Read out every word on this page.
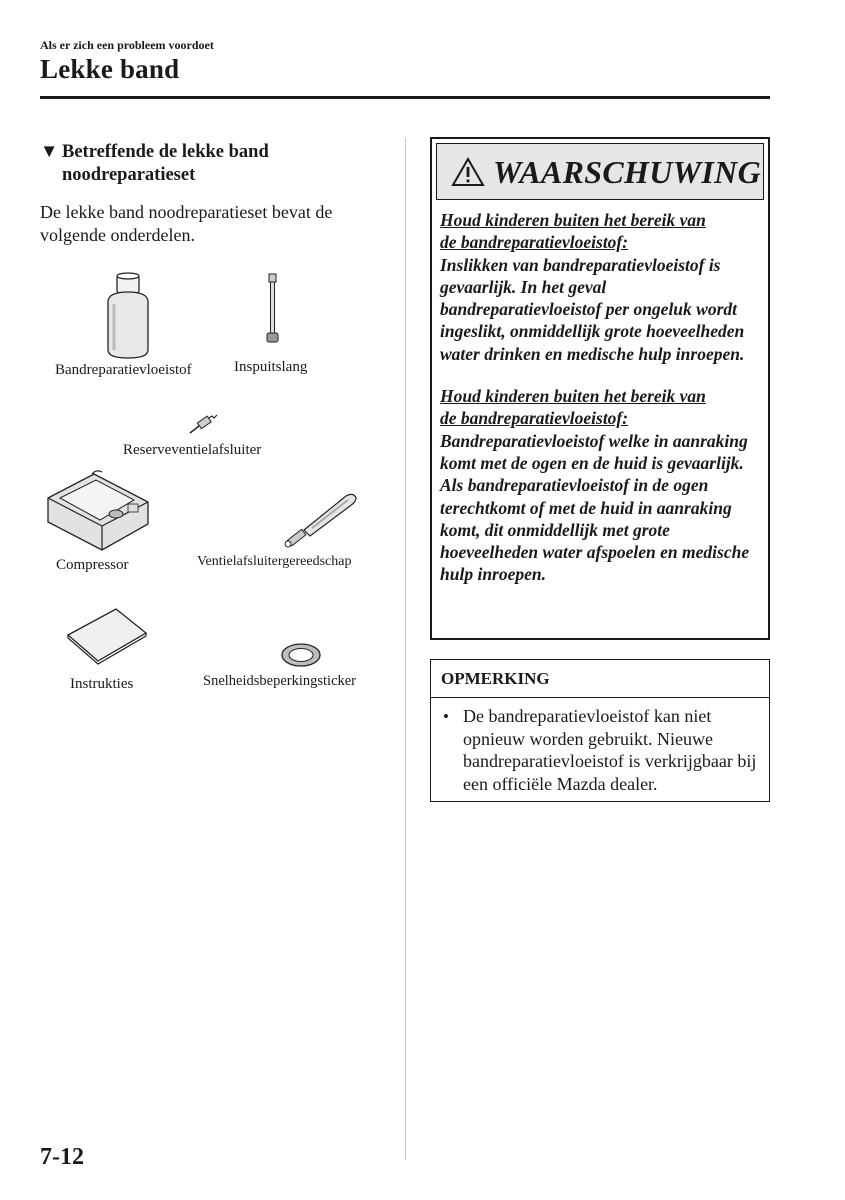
Als er zich een probleem voordoet
Lekke band
▼ Betreffende de lekke band
noodreparatieset
De lekke band noodreparatieset bevat de volgende onderdelen.
Bandreparatievloeistof	Inspuitslang
Reserveventielafsluiter
Compressor	Ventielafsluitergereedschap
Instrukties	Snelheidsbeperkingsticker
WAARSCHUWING

Houd kinderen buiten het bereik van
de bandreparatievloeistof:
Inslikken van bandreparatievloeistof is gevaarlijk. In het geval bandreparatievloeistof per ongeluk wordt ingeslikt, onmiddellijk grote hoeveelheden water drinken en medische hulp inroepen.

Houd kinderen buiten het bereik van
de bandreparatievloeistof:
Bandreparatievloeistof welke in aanraking komt met de ogen en de huid is gevaarlijk. Als bandreparatievloeistof in de ogen terechtkomt of met de huid in aanraking komt, dit onmiddellijk met grote hoeveelheden water afspoelen en medische hulp inroepen.

OPMERKING
• De bandreparatievloeistof kan niet opnieuw worden gebruikt. Nieuwe bandreparatievloeistof is verkrijgbaar bij een officiële Mazda dealer.
7-12
